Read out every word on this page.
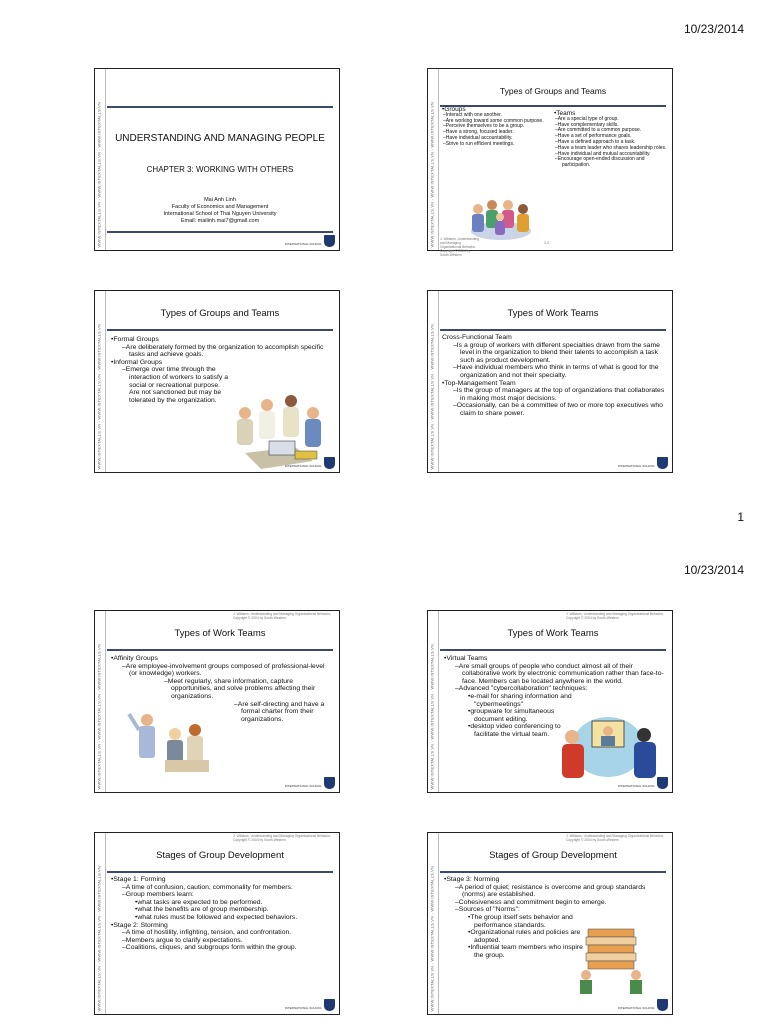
10/23/2014
1
WWW.ISTEXTALLS.VN - WWW.ISTEXTALLS.VN - WWW.ISTEXTALLS.VN	UNDERSTANDING AND MANAGING PEOPLE
CHAPTER 3: WORKING WITH OTHERS
Mai Anh Linh
Faculty of Economics and Management
International School of Thai Nguyen University
Email: mailinh.mai7@gmail.com
INTERNATIONAL SCHOOL	WWW.ISTEXTALLS.VN - WWW.ISTEXTALLS.VN - WWW.ISTEXTALLS.VN
Types of Groups and Teams
• Groups
– Interact with one another.
– Are working toward some common purpose.
– Perceive themselves to be a group.
– Have a strong, focused leader.
– Have individual accountability.
– Strive to run efficient meetings.
• Teams
– Are a special type of group.
– Have complementary skills.
– Are committed to a common purpose.
– Have a set of performance goals.
– Have a defined approach to a task.
– Have a team leader who shares leadership roles.
– Have individual and mutual accountability.
– Encourage open-ended discussion and participation.
J. Williams, Understanding and Managing Organizational Behavior, Copyright © 2004 by South-Western
3-3
WWW.ISTEXTALLS.VN - WWW.ISTEXTALLS.VN - WWW.ISTEXTALLS.VN
Types of Groups and Teams
• Formal Groups
– Are deliberately formed by the organization to accomplish specific tasks and achieve goals.
• Informal Groups
– Emerge over time through the interaction of workers to satisfy a social or recreational purpose. Are not sanctioned but may be tolerated by the organization.
INTERNATIONAL SCHOOL	WWW.ISTEXTALLS.VN - WWW.ISTEXTALLS.VN - WWW.ISTEXTALLS.VN
Types of Work Teams
Cross-Functional Team
– Is a group of workers with different specialties drawn from the same level in the organization to blend their talents to accomplish a task such as product development.
– Have individual members who think in terms of what is good for the organization and not their specialty.
• Top-Management Team
– Is the group of managers at the top of organizations that collaborates in making most major decisions.
– Occasionally, can be a committee of two or more top executives who claim to share power.
INTERNATIONAL SCHOOL
10/23/2014
WWW.ISTEXTALLS.VN - WWW.ISTEXTALLS.VN - WWW.ISTEXTALLS.VN
J. Williams, Understanding and Managing Organizational Behavior, Copyright © 2004 by South-Western
Types of Work Teams
• Affinity Groups
– Are employee-involvement groups composed of professional-level (or knowledge) workers.
– Meet regularly, share information, capture opportunities, and solve problems affecting their organizations.
– Are self-directing and have a formal charter from their organizations.
INTERNATIONAL SCHOOL	WWW.ISTEXTALLS.VN - WWW.ISTEXTALLS.VN - WWW.ISTEXTALLS.VN
J. Williams, Understanding and Managing Organizational Behavior, Copyright © 2004 by South-Western
Types of Work Teams
• Virtual Teams
– Are small groups of people who conduct almost all of their collaborative work by electronic communication rather than face-to-face. Members can be located anywhere in the world.
– Advanced "cybercollaboration" techniques:
• e-mail for sharing information and "cybermeetings"
• groupware for simultaneous document editing.
• desktop video conferencing to facilitate the virtual team.
INTERNATIONAL SCHOOL
WWW.ISTEXTALLS.VN - WWW.ISTEXTALLS.VN - WWW.ISTEXTALLS.VN
J. Williams, Understanding and Managing Organizational Behavior, Copyright © 2004 by South-Western
Stages of Group Development
• Stage 1: Forming
– A time of confusion, caution, commonality for members.
– Group members learn:
• what tasks are expected to be performed.
• what the benefits are of group membership.
• what rules must be followed and expected behaviors.
• Stage 2: Storming
– A time of hostility, infighting, tension, and confrontation.
– Members argue to clarify expectations.
– Coalitions, cliques, and subgroups form within the group.
INTERNATIONAL SCHOOL	WWW.ISTEXTALLS.VN - WWW.ISTEXTALLS.VN - WWW.ISTEXTALLS.VN
J. Williams, Understanding and Managing Organizational Behavior, Copyright © 2004 by South-Western
Stages of Group Development
• Stage 3: Norming
– A period of quiet; resistance is overcome and group standards (norms) are established.
– Cohesiveness and commitment begin to emerge.
– Sources of "Norms":
• The group itself sets behavior and performance standards.
• Organizational rules and policies are adopted.
• Influential team members who inspire the group.
INTERNATIONAL SCHOOL
